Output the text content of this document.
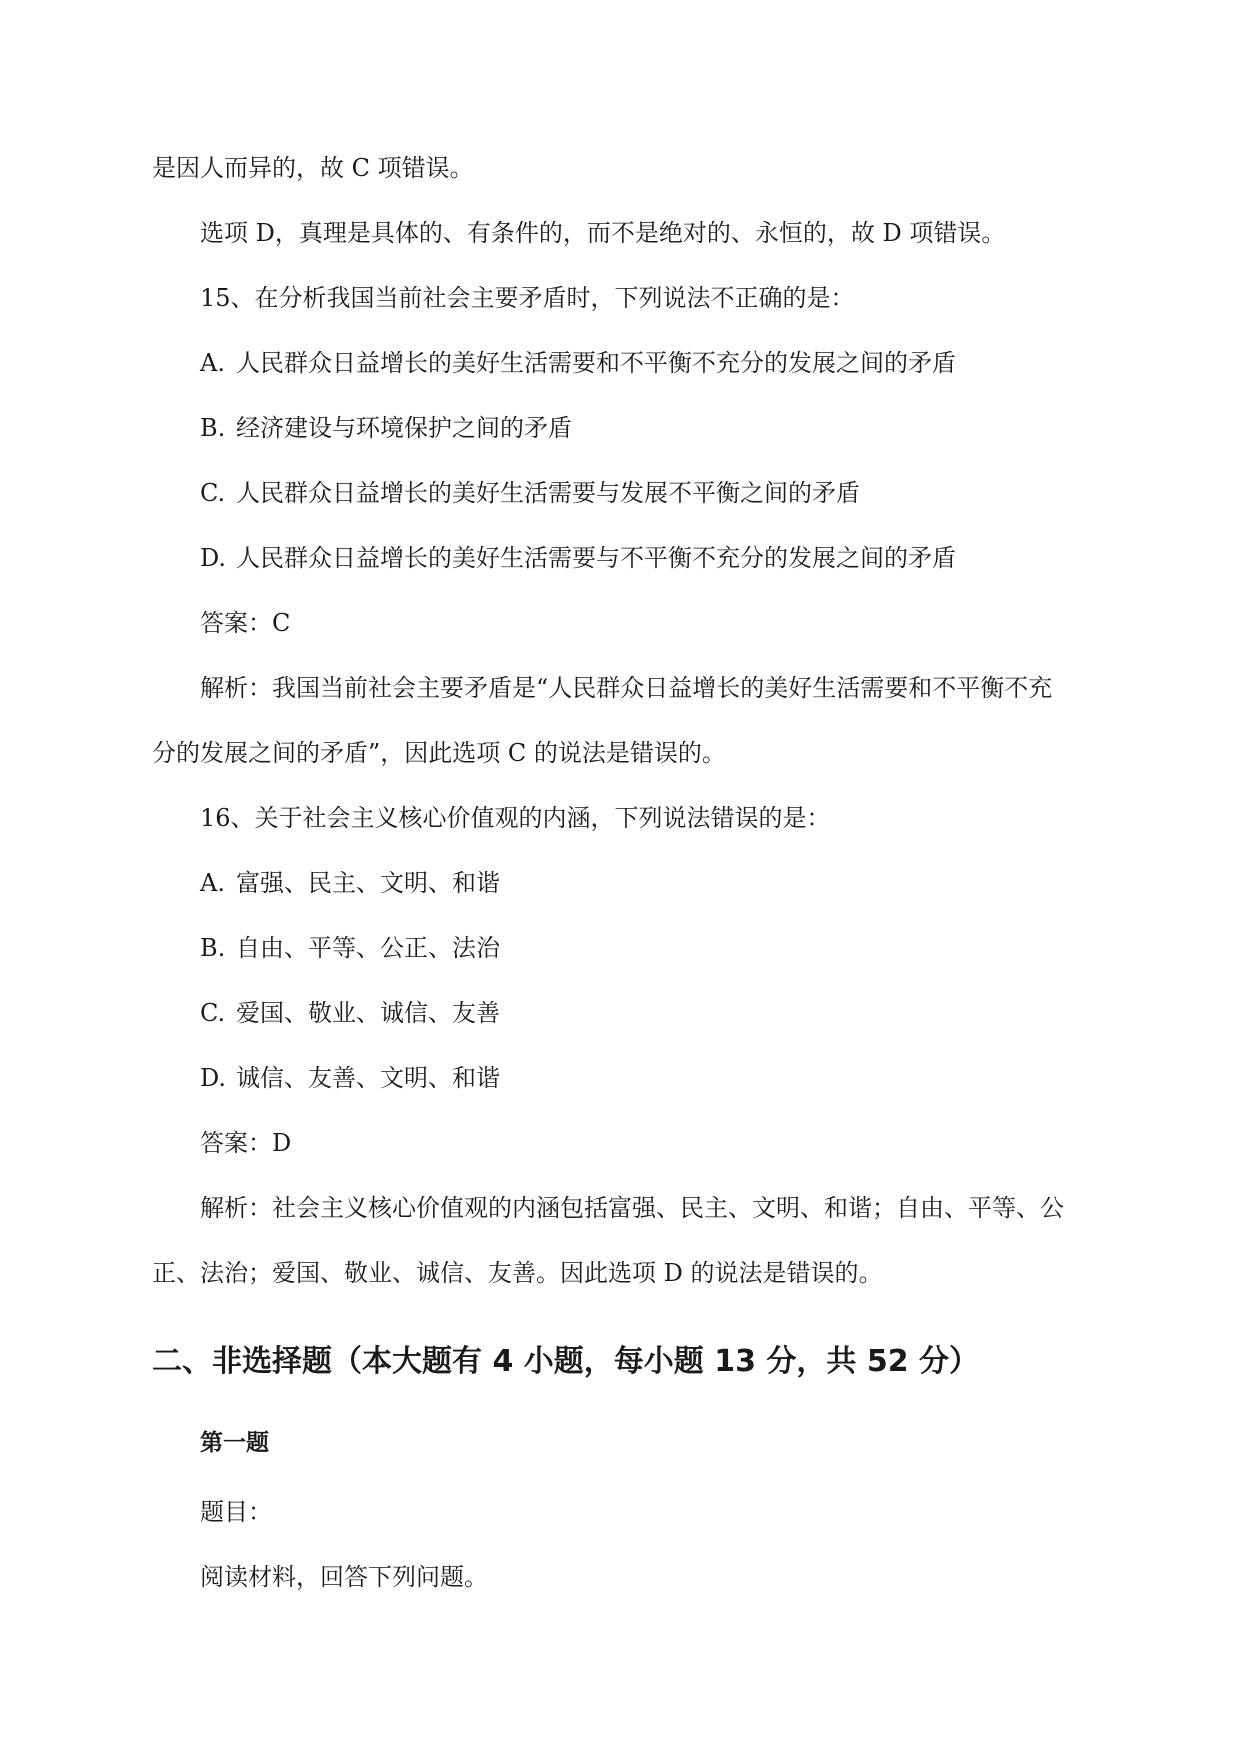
是因人而异的，故 C 项错误。
选项 D，真理是具体的、有条件的，而不是绝对的、永恒的，故 D 项错误。
15、在分析我国当前社会主要矛盾时，下列说法不正确的是：
A. 人民群众日益增长的美好生活需要和不平衡不充分的发展之间的矛盾
B. 经济建设与环境保护之间的矛盾
C. 人民群众日益增长的美好生活需要与发展不平衡之间的矛盾
D. 人民群众日益增长的美好生活需要与不平衡不充分的发展之间的矛盾
答案：C
解析：我国当前社会主要矛盾是“人民群众日益增长的美好生活需要和不平衡不充
分的发展之间的矛盾”，因此选项 C 的说法是错误的。
16、关于社会主义核心价值观的内涵，下列说法错误的是：
A. 富强、民主、文明、和谐
B. 自由、平等、公正、法治
C. 爱国、敬业、诚信、友善
D. 诚信、友善、文明、和谐
答案：D
解析：社会主义核心价值观的内涵包括富强、民主、文明、和谐；自由、平等、公
正、法治；爱国、敬业、诚信、友善。因此选项 D 的说法是错误的。
二、非选择题（本大题有 4 小题，每小题 13 分，共 52 分）
第一题
题目：
阅读材料，回答下列问题。
